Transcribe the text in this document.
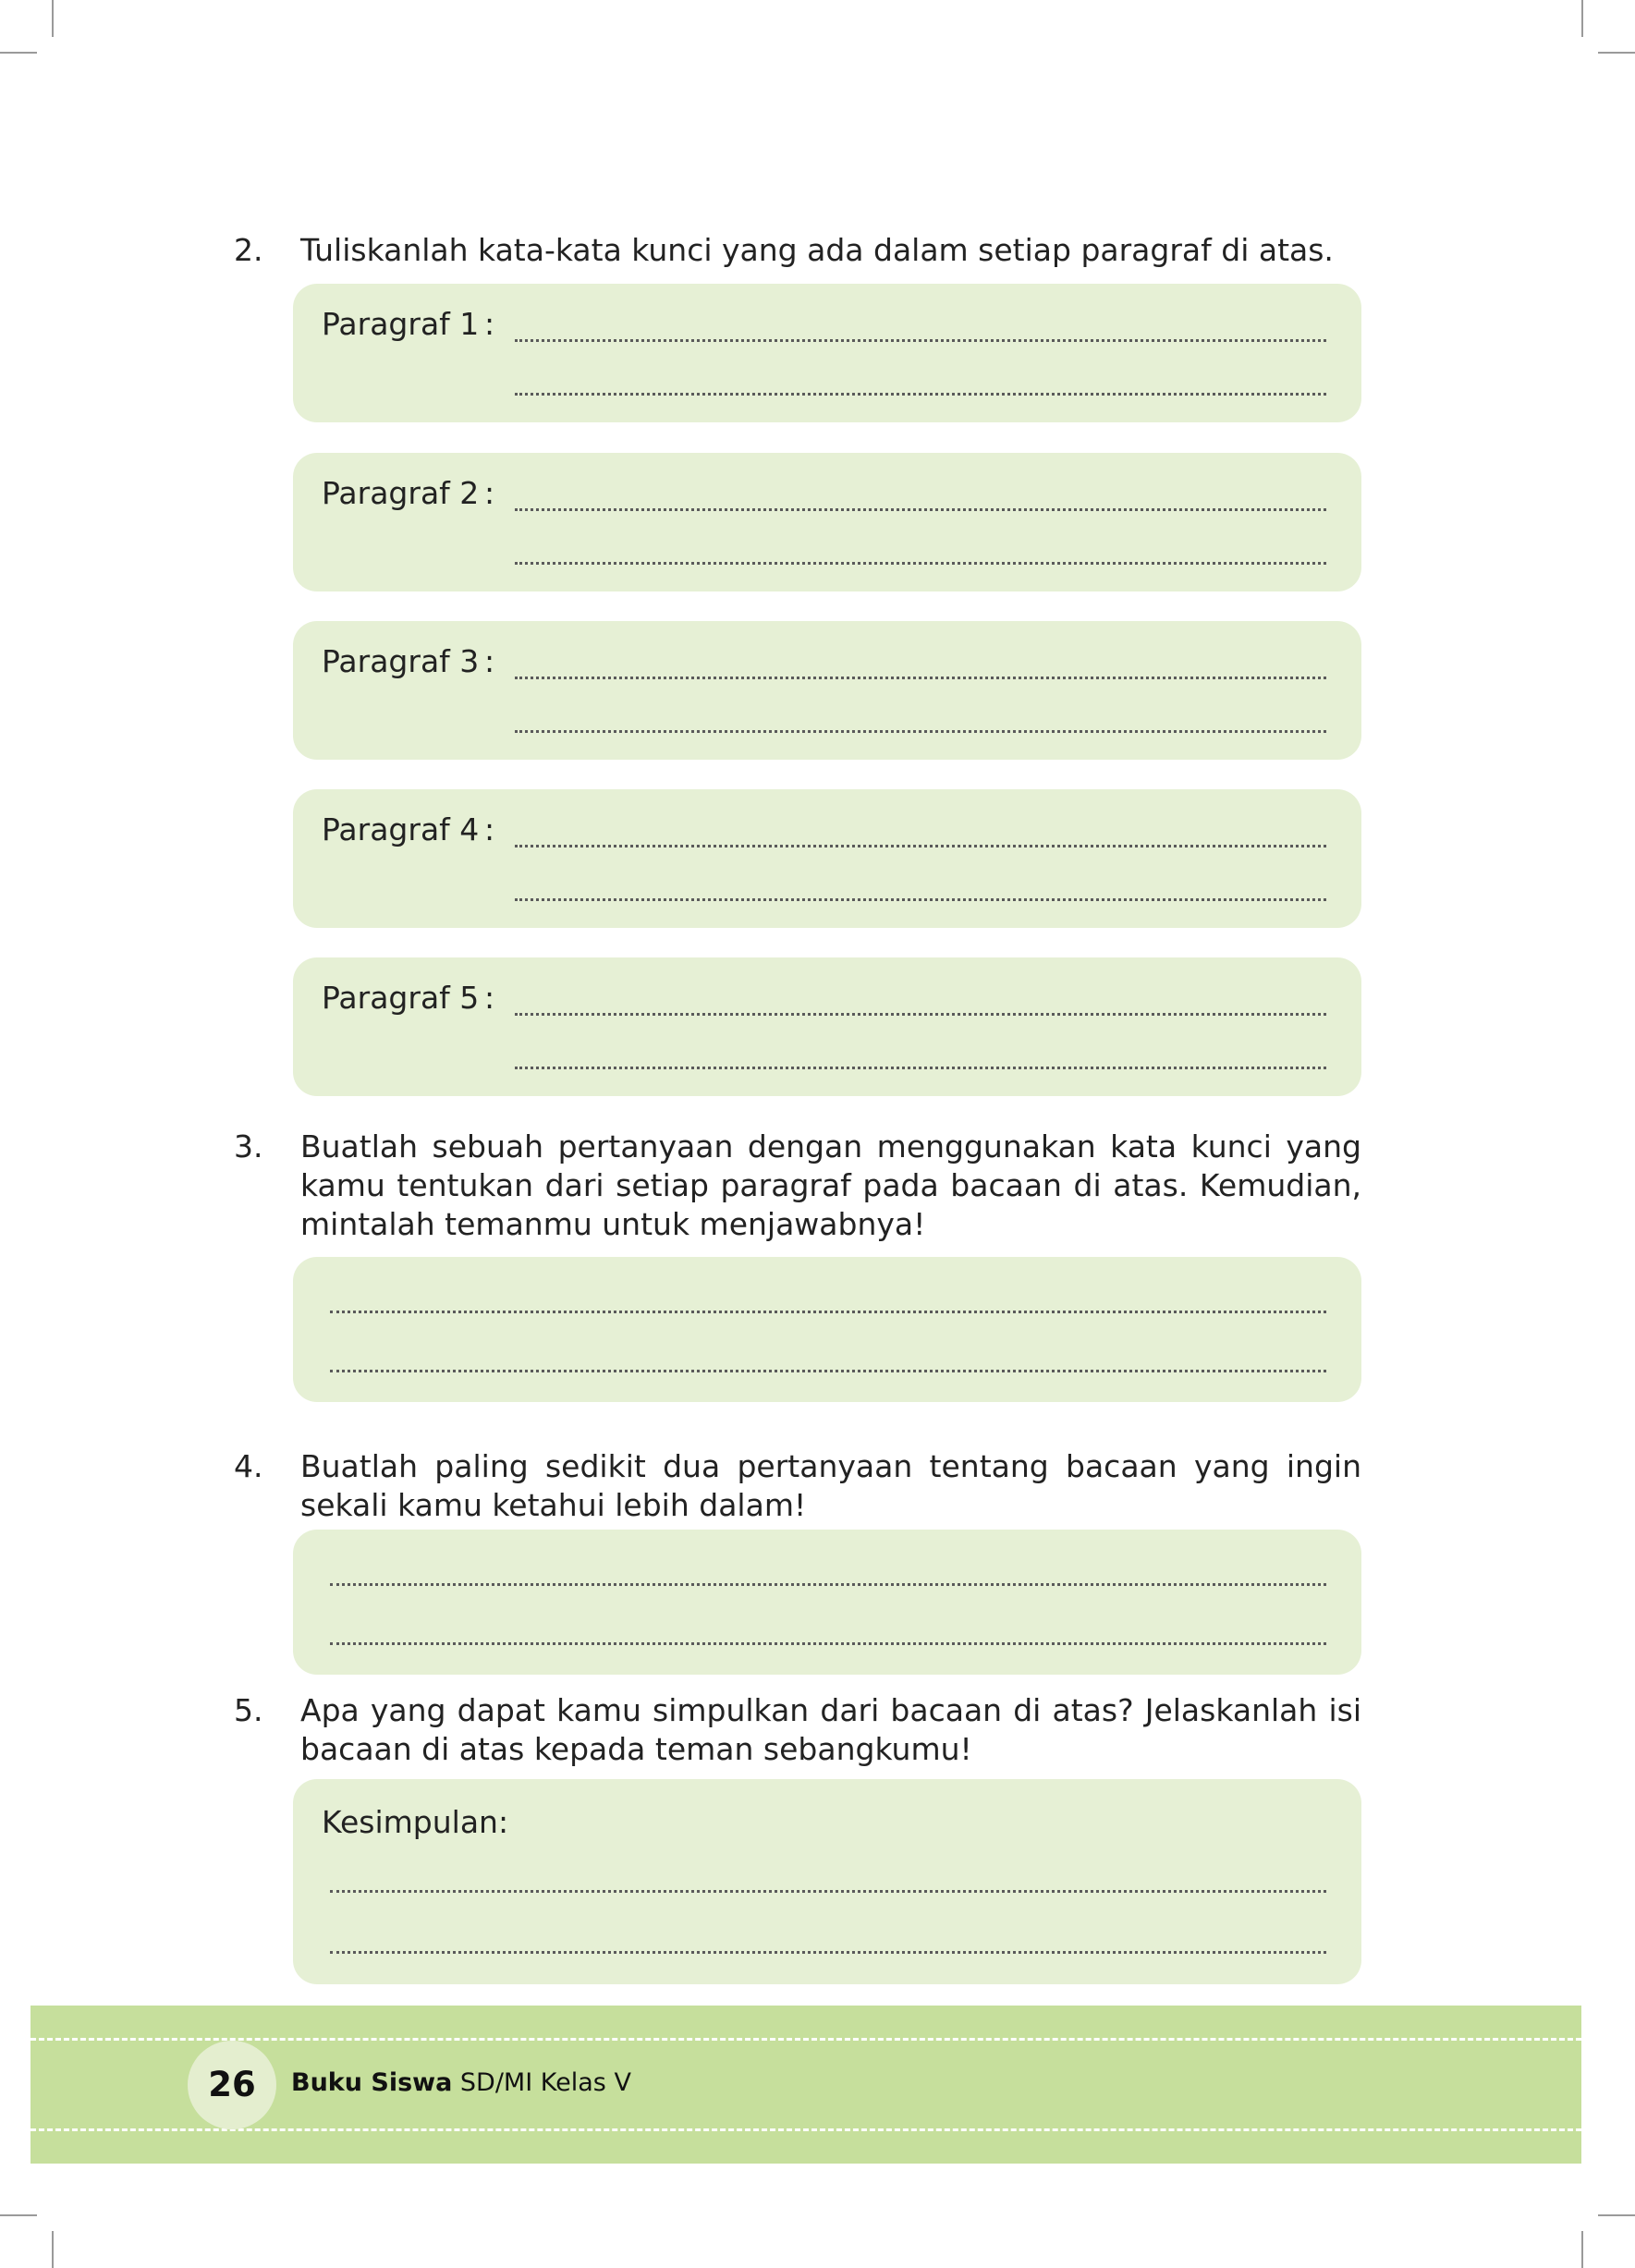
2. Tuliskanlah kata-kata kunci yang ada dalam setiap paragraf di atas.
Paragraf 1 :
Paragraf 2 :
Paragraf 3 :
Paragraf 4 :
Paragraf 5 :
3. Buatlah sebuah pertanyaan dengan menggunakan kata kunci yang kamu tentukan dari setiap paragraf pada bacaan di atas. Kemudian, mintalah temanmu untuk menjawabnya!
4. Buatlah paling sedikit dua pertanyaan tentang bacaan yang ingin sekali kamu ketahui lebih dalam!
5. Apa yang dapat kamu simpulkan dari bacaan di atas? Jelaskanlah isi bacaan di atas kepada teman sebangkumu!
Kesimpulan:
26	Buku Siswa SD/MI Kelas V
